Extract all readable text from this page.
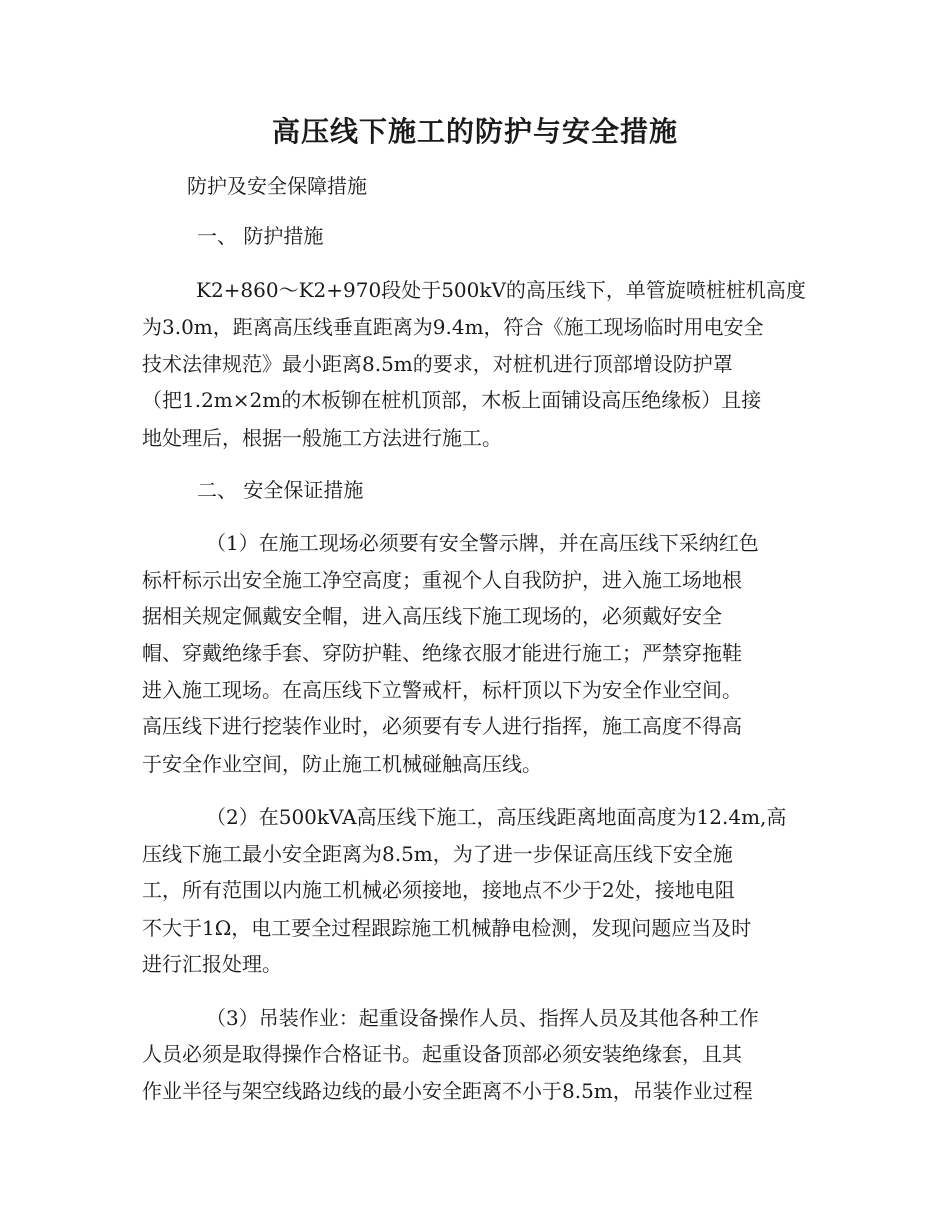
高压线下施工的防护与安全措施
防护及安全保障措施
一、 防护措施
K2+860～K2+970段处于500kV的高压线下，单管旋喷桩桩机高度
为3.0m，距离高压线垂直距离为9.4m，符合《施工现场临时用电安全
技术法律规范》最小距离8.5m的要求，对桩机进行顶部增设防护罩
（把1.2m×2m的木板铆在桩机顶部，木板上面铺设高压绝缘板）且接
地处理后，根据一般施工方法进行施工。
二、 安全保证措施
（1）在施工现场必须要有安全警示牌，并在高压线下采纳红色
标杆标示出安全施工净空高度；重视个人自我防护，进入施工场地根
据相关规定佩戴安全帽，进入高压线下施工现场的，必须戴好安全
帽、穿戴绝缘手套、穿防护鞋、绝缘衣服才能进行施工；严禁穿拖鞋
进入施工现场。在高压线下立警戒杆，标杆顶以下为安全作业空间。
高压线下进行挖装作业时，必须要有专人进行指挥，施工高度不得高
于安全作业空间，防止施工机械碰触高压线。
（2）在500kVA高压线下施工，高压线距离地面高度为12.4m,高
压线下施工最小安全距离为8.5m，为了进一步保证高压线下安全施
工，所有范围以内施工机械必须接地，接地点不少于2处，接地电阻
不大于1Ω，电工要全过程跟踪施工机械静电检测，发现问题应当及时
进行汇报处理。
（3）吊装作业：起重设备操作人员、指挥人员及其他各种工作
人员必须是取得操作合格证书。起重设备顶部必须安装绝缘套，且其
作业半径与架空线路边线的最小安全距离不小于8.5m，吊装作业过程
